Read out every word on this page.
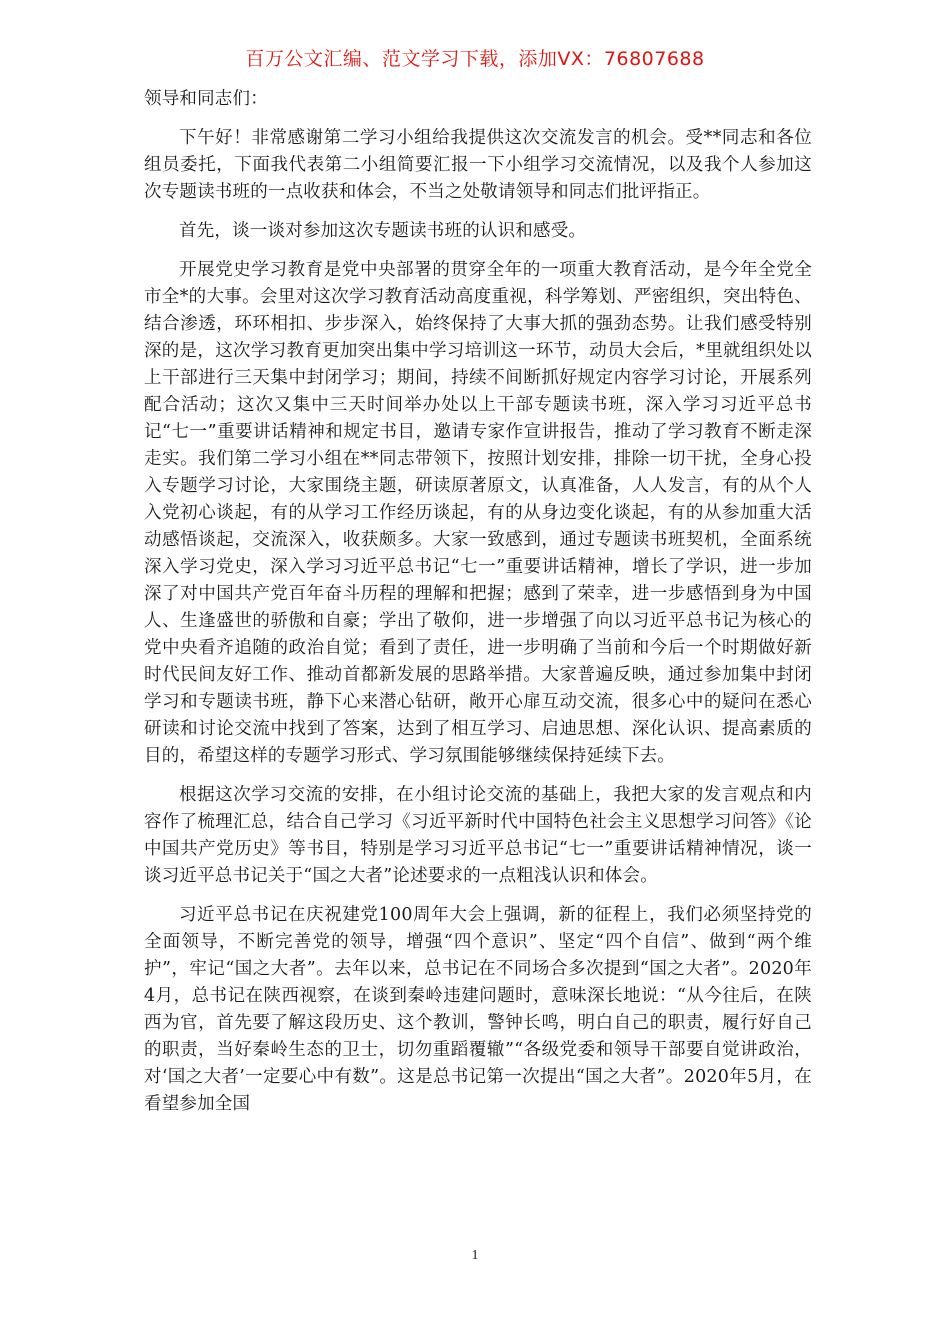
百万公文汇编、范文学习下载，添加VX：76807688

领导和同志们：

下午好！非常感谢第二学习小组给我提供这次交流发言的机会。受**同志和各位组员委托，下面我代表第二小组简要汇报一下小组学习交流情况，以及我个人参加这次专题读书班的一点收获和体会，不当之处敬请领导和同志们批评指正。

首先，谈一谈对参加这次专题读书班的认识和感受。

开展党史学习教育是党中央部署的贯穿全年的一项重大教育活动，是今年全党全市全*的大事。会里对这次学习教育活动高度重视，科学筹划、严密组织，突出特色、结合渗透，环环相扣、步步深入，始终保持了大事大抓的强劲态势。让我们感受特别深的是，这次学习教育更加突出集中学习培训这一环节，动员大会后，*里就组织处以上干部进行三天集中封闭学习；期间，持续不间断抓好规定内容学习讨论，开展系列配合活动；这次又集中三天时间举办处以上干部专题读书班，深入学习习近平总书记“七一”重要讲话精神和规定书目，邀请专家作宣讲报告，推动了学习教育不断走深走实。我们第二学习小组在**同志带领下，按照计划安排，排除一切干扰，全身心投入专题学习讨论，大家围绕主题，研读原著原文，认真准备，人人发言，有的从个人入党初心谈起，有的从学习工作经历谈起，有的从身边变化谈起，有的从参加重大活动感悟谈起，交流深入，收获颇多。大家一致感到，通过专题读书班契机，全面系统深入学习党史，深入学习习近平总书记“七一”重要讲话精神，增长了学识，进一步加深了对中国共产党百年奋斗历程的理解和把握；感到了荣幸，进一步感悟到身为中国人、生逢盛世的骄傲和自豪；学出了敬仰，进一步增强了向以习近平总书记为核心的党中央看齐追随的政治自觉；看到了责任，进一步明确了当前和今后一个时期做好新时代民间友好工作、推动首都新发展的思路举措。大家普遍反映，通过参加集中封闭学习和专题读书班，静下心来潜心钻研，敞开心扉互动交流，很多心中的疑问在悉心研读和讨论交流中找到了答案，达到了相互学习、启迪思想、深化认识、提高素质的目的，希望这样的专题学习形式、学习氛围能够继续保持延续下去。

根据这次学习交流的安排，在小组讨论交流的基础上，我把大家的发言观点和内容作了梳理汇总，结合自己学习《习近平新时代中国特色社会主义思想学习问答》《论中国共产党历史》等书目，特别是学习习近平总书记“七一”重要讲话精神情况，谈一谈习近平总书记关于“国之大者”论述要求的一点粗浅认识和体会。

习近平总书记在庆祝建党100周年大会上强调，新的征程上，我们必须坚持党的全面领导，不断完善党的领导，增强“四个意识”、坚定“四个自信”、做到“两个维护”，牢记“国之大者”。去年以来，总书记在不同场合多次提到“国之大者”。2020年4月，总书记在陕西视察，在谈到秦岭违建问题时，意味深长地说：“从今往后，在陕西为官，首先要了解这段历史、这个教训，警钟长鸣，明白自己的职责，履行好自己的职责，当好秦岭生态的卫士，切勿重蹈覆辙”“各级党委和领导干部要自觉讲政治，对‘国之大者’一定要心中有数”。这是总书记第一次提出“国之大者”。2020年5月，在看望参加全国

1
